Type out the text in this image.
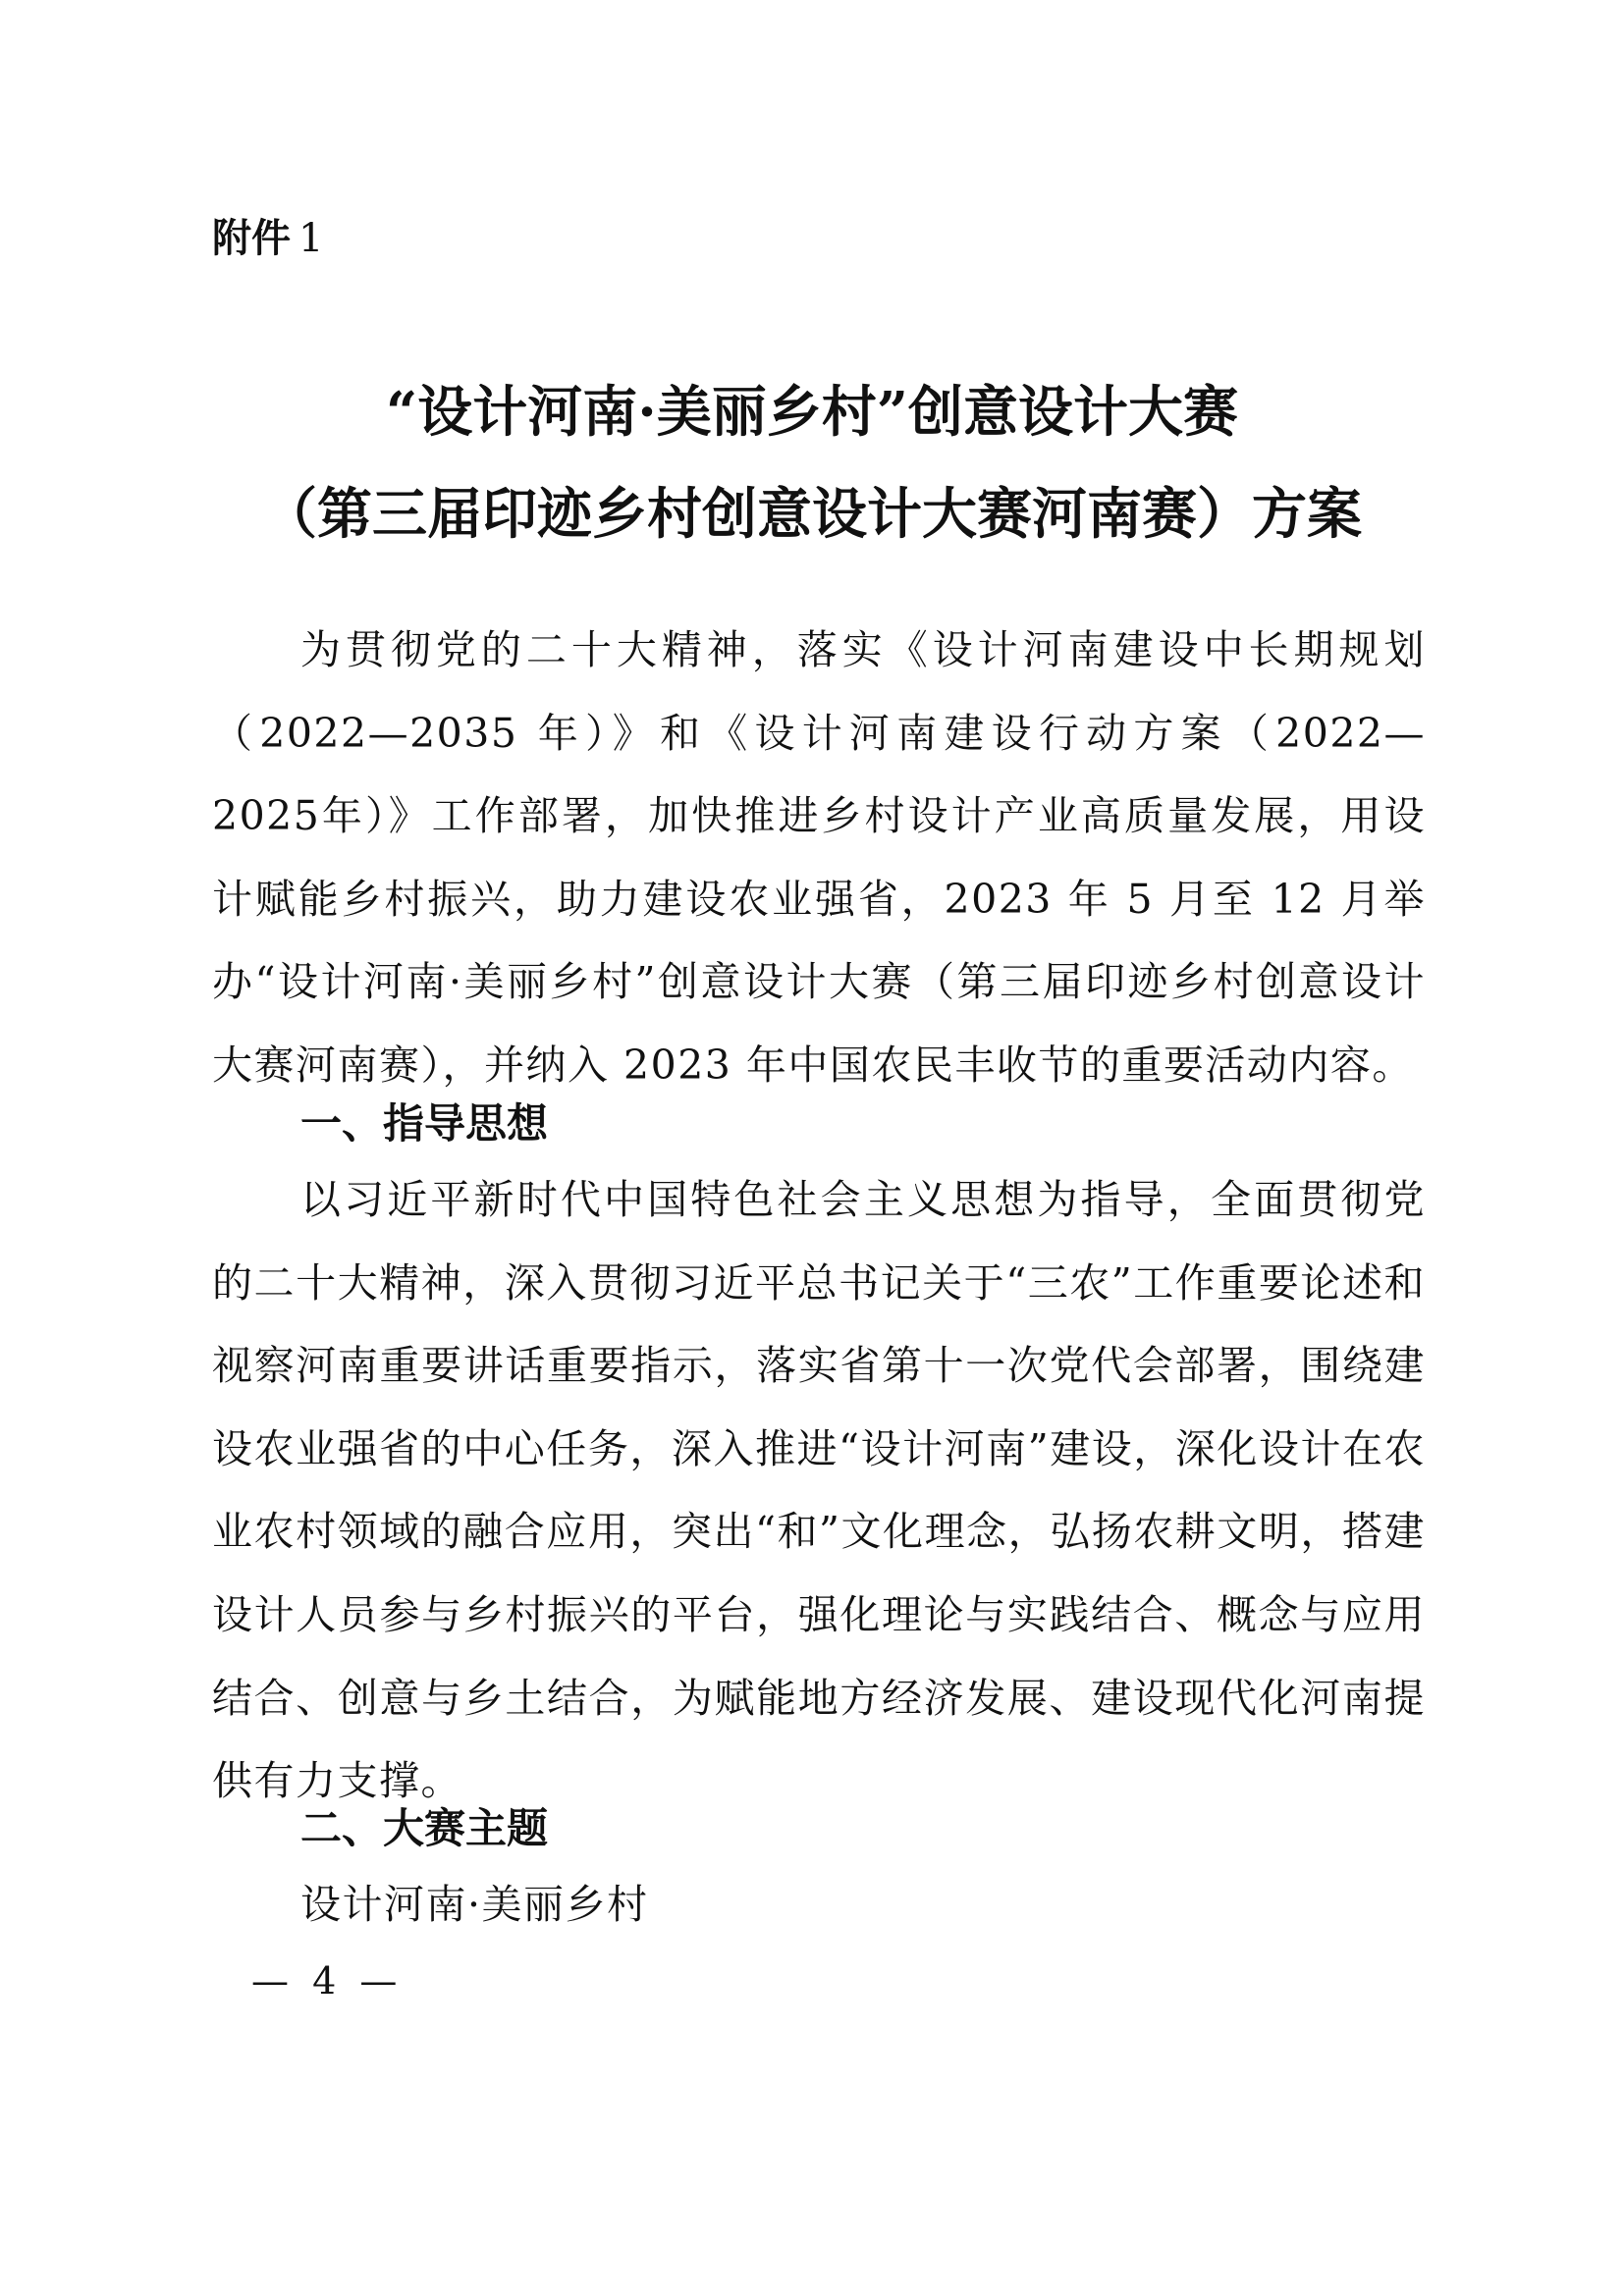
附件 1
“设计河南·美丽乡村”创意设计大赛
（第三届印迹乡村创意设计大赛河南赛）方案

为贯彻党的二十大精神，落实《设计河南建设中长期规划（2022—2035 年）》和《设计河南建设行动方案（2022—2025年）》工作部署，加快推进乡村设计产业高质量发展，用设计赋能乡村振兴，助力建设农业强省，2023 年 5 月至 12 月举办“设计河南·美丽乡村”创意设计大赛（第三届印迹乡村创意设计大赛河南赛），并纳入 2023 年中国农民丰收节的重要活动内容。

一、指导思想

以习近平新时代中国特色社会主义思想为指导，全面贯彻党的二十大精神，深入贯彻习近平总书记关于“三农”工作重要论述和视察河南重要讲话重要指示，落实省第十一次党代会部署，围绕建设农业强省的中心任务，深入推进“设计河南”建设，深化设计在农业农村领域的融合应用，突出“和”文化理念，弘扬农耕文明，搭建设计人员参与乡村振兴的平台，强化理论与实践结合、概念与应用结合、创意与乡土结合，为赋能地方经济发展、建设现代化河南提供有力支撑。

二、大赛主题

设计河南·美丽乡村

— 4 —
